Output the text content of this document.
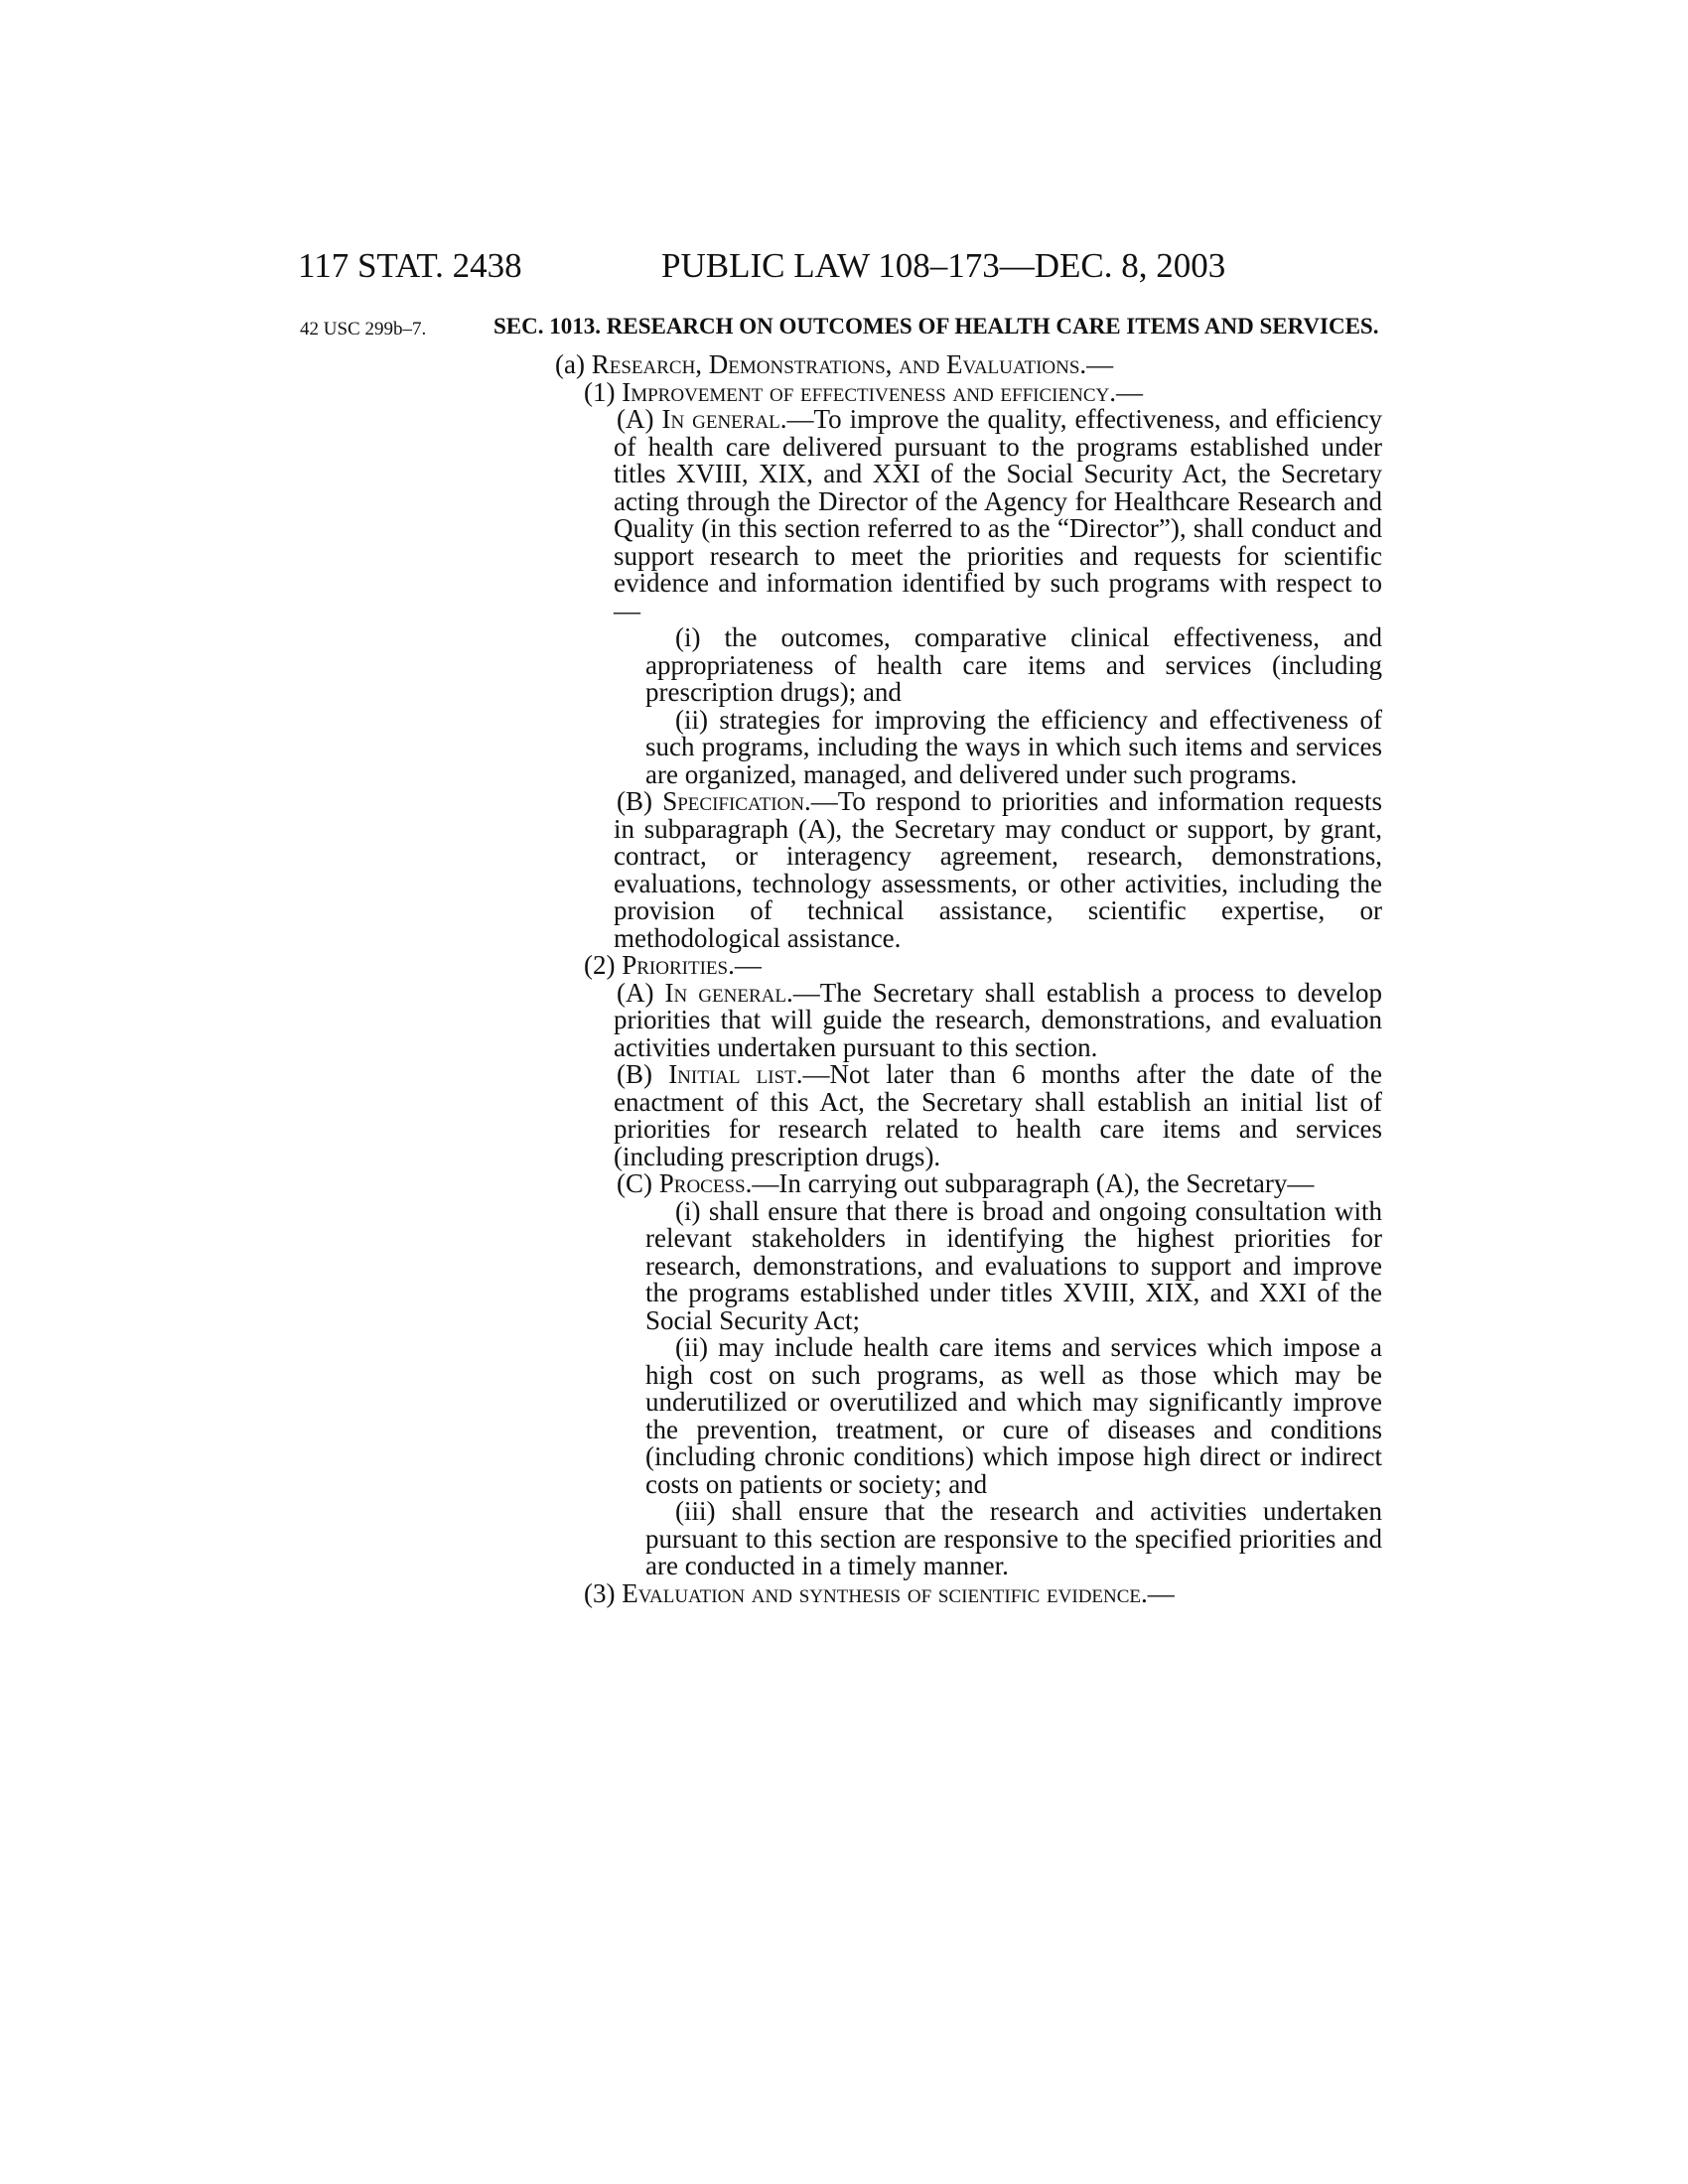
117 STAT. 2438	PUBLIC LAW 108–173—DEC. 8, 2003
42 USC 299b–7.	SEC. 1013. RESEARCH ON OUTCOMES OF HEALTH CARE ITEMS AND SERVICES.

(a) Research, Demonstrations, and Evaluations.—

(1) Improvement of effectiveness and efficiency.—

(A) In general.—To improve the quality, effectiveness, and efficiency of health care delivered pursuant to the programs established under titles XVIII, XIX, and XXI of the Social Security Act, the Secretary acting through the Director of the Agency for Healthcare Research and Quality (in this section referred to as the “Director”), shall conduct and support research to meet the priorities and requests for scientific evidence and information identified by such programs with respect to—

(i) the outcomes, comparative clinical effectiveness, and appropriateness of health care items and services (including prescription drugs); and

(ii) strategies for improving the efficiency and effectiveness of such programs, including the ways in which such items and services are organized, managed, and delivered under such programs.

(B) Specification.—To respond to priorities and information requests in subparagraph (A), the Secretary may conduct or support, by grant, contract, or interagency agreement, research, demonstrations, evaluations, technology assessments, or other activities, including the provision of technical assistance, scientific expertise, or methodological assistance.

(2) Priorities.—

(A) In general.—The Secretary shall establish a process to develop priorities that will guide the research, demonstrations, and evaluation activities undertaken pursuant to this section.

(B) Initial list.—Not later than 6 months after the date of the enactment of this Act, the Secretary shall establish an initial list of priorities for research related to health care items and services (including prescription drugs).

(C) Process.—In carrying out subparagraph (A), the Secretary—

(i) shall ensure that there is broad and ongoing consultation with relevant stakeholders in identifying the highest priorities for research, demonstrations, and evaluations to support and improve the programs established under titles XVIII, XIX, and XXI of the Social Security Act;

(ii) may include health care items and services which impose a high cost on such programs, as well as those which may be underutilized or overutilized and which may significantly improve the prevention, treatment, or cure of diseases and conditions (including chronic conditions) which impose high direct or indirect costs on patients or society; and

(iii) shall ensure that the research and activities undertaken pursuant to this section are responsive to the specified priorities and are conducted in a timely manner.

(3) Evaluation and synthesis of scientific evidence.—
